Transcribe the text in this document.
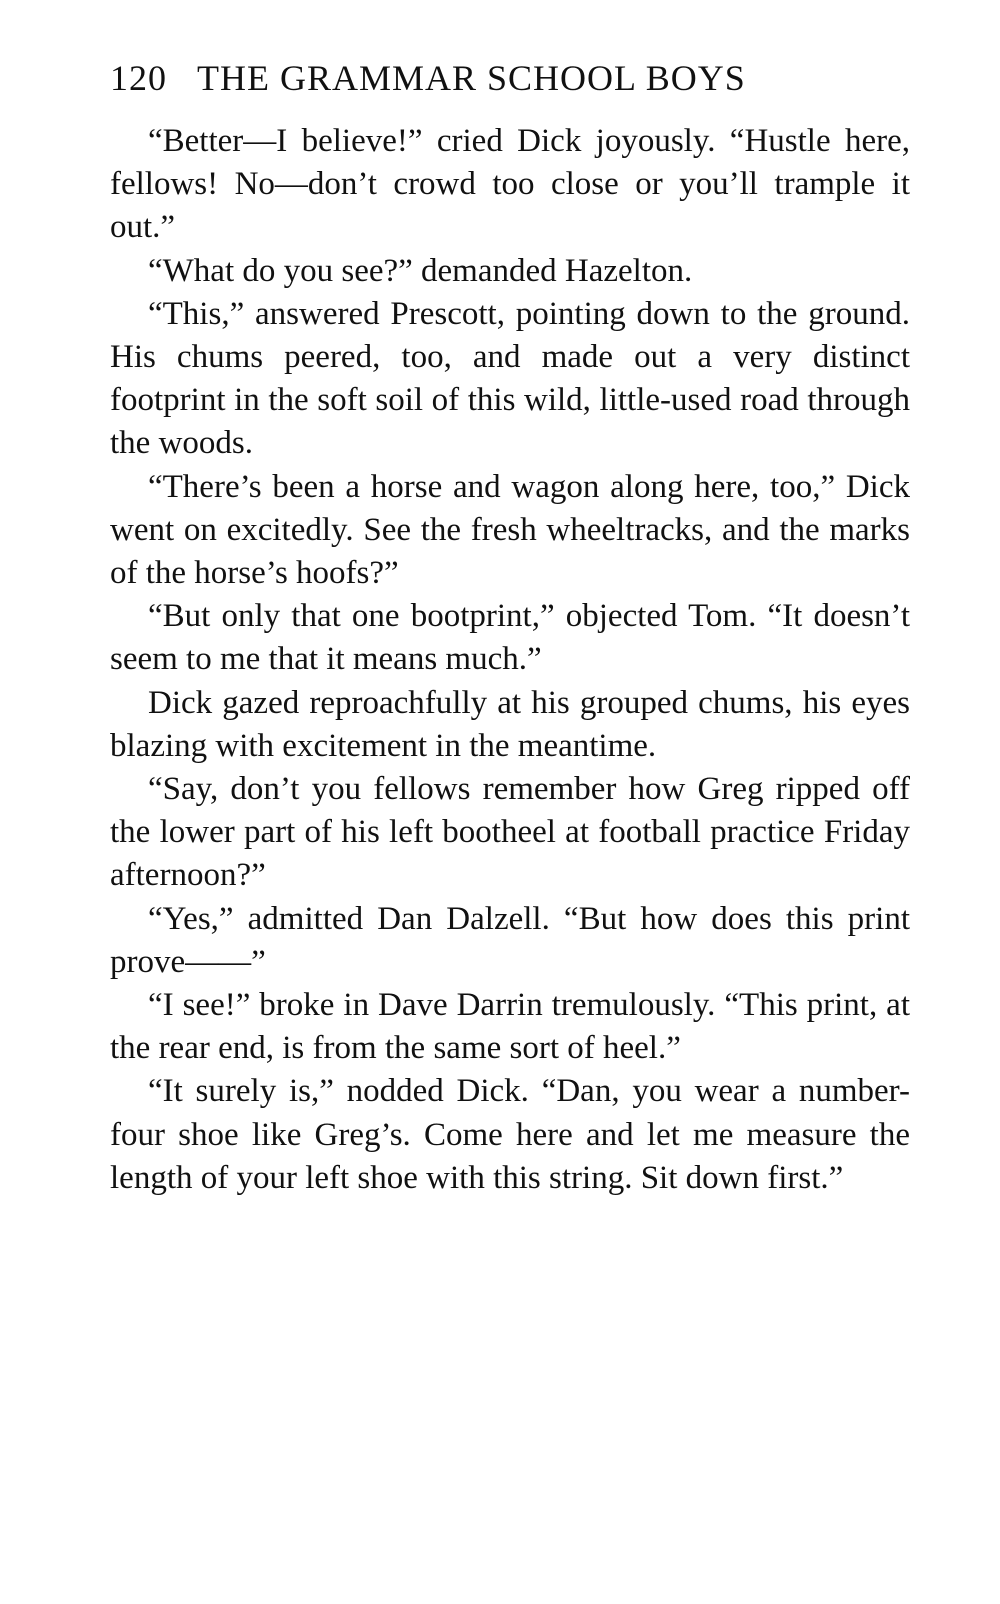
120 THE GRAMMAR SCHOOL BOYS

“Better—I believe!” cried Dick joyously. “Hustle here, fellows! No—don’t crowd too close or you’ll trample it out.”

“What do you see?” demanded Hazelton.

“This,” answered Prescott, pointing down to the ground. His chums peered, too, and made out a very distinct footprint in the soft soil of this wild, little-used road through the woods.

“There’s been a horse and wagon along here, too,” Dick went on excitedly. See the fresh wheeltracks, and the marks of the horse’s hoofs?”

“But only that one bootprint,” objected Tom. “It doesn’t seem to me that it means much.”

Dick gazed reproachfully at his grouped chums, his eyes blazing with excitement in the meantime.

“Say, don’t you fellows remember how Greg ripped off the lower part of his left bootheel at football practice Friday afternoon?”

“Yes,” admitted Dan Dalzell. “But how does this print prove——”

“I see!” broke in Dave Darrin tremulously. “This print, at the rear end, is from the same sort of heel.”

“It surely is,” nodded Dick. “Dan, you wear a number-four shoe like Greg’s. Come here and let me measure the length of your left shoe with this string. Sit down first.”
